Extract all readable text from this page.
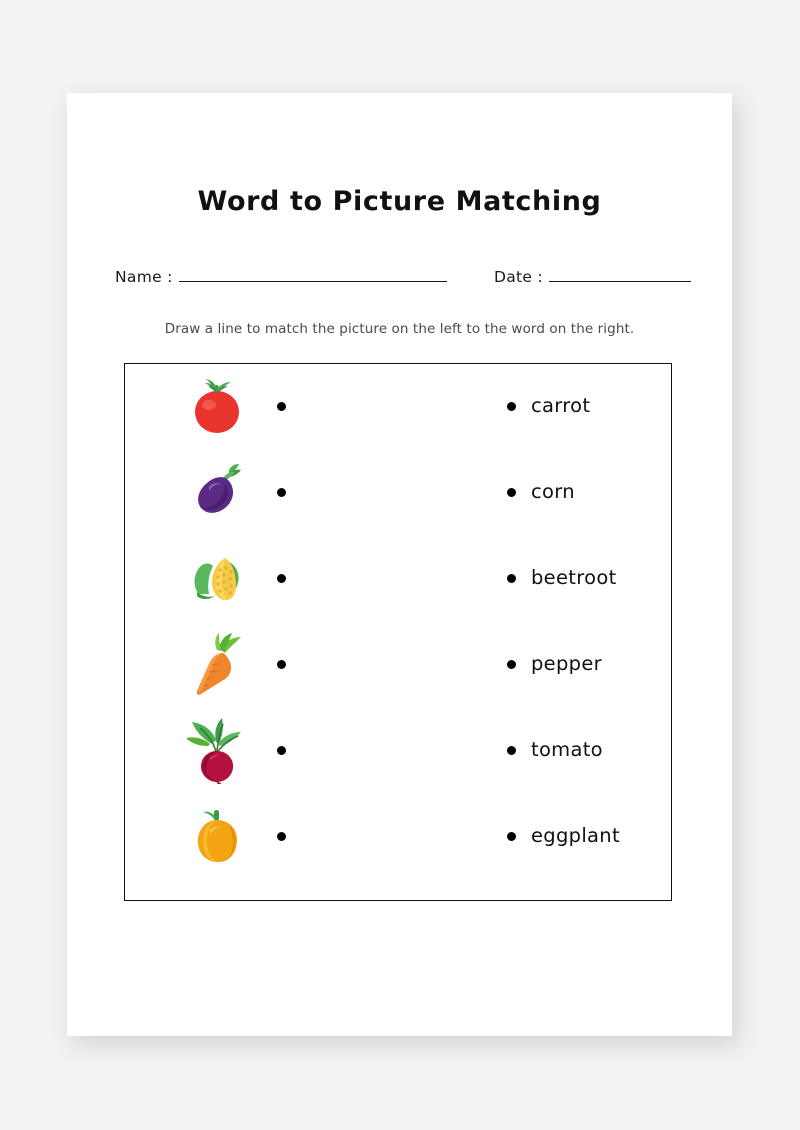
Word to Picture Matching
Name :	Date :
Draw a line to match the picture on the left to the word on the right.
carrot
corn
beetroot
pepper
tomato
eggplant
